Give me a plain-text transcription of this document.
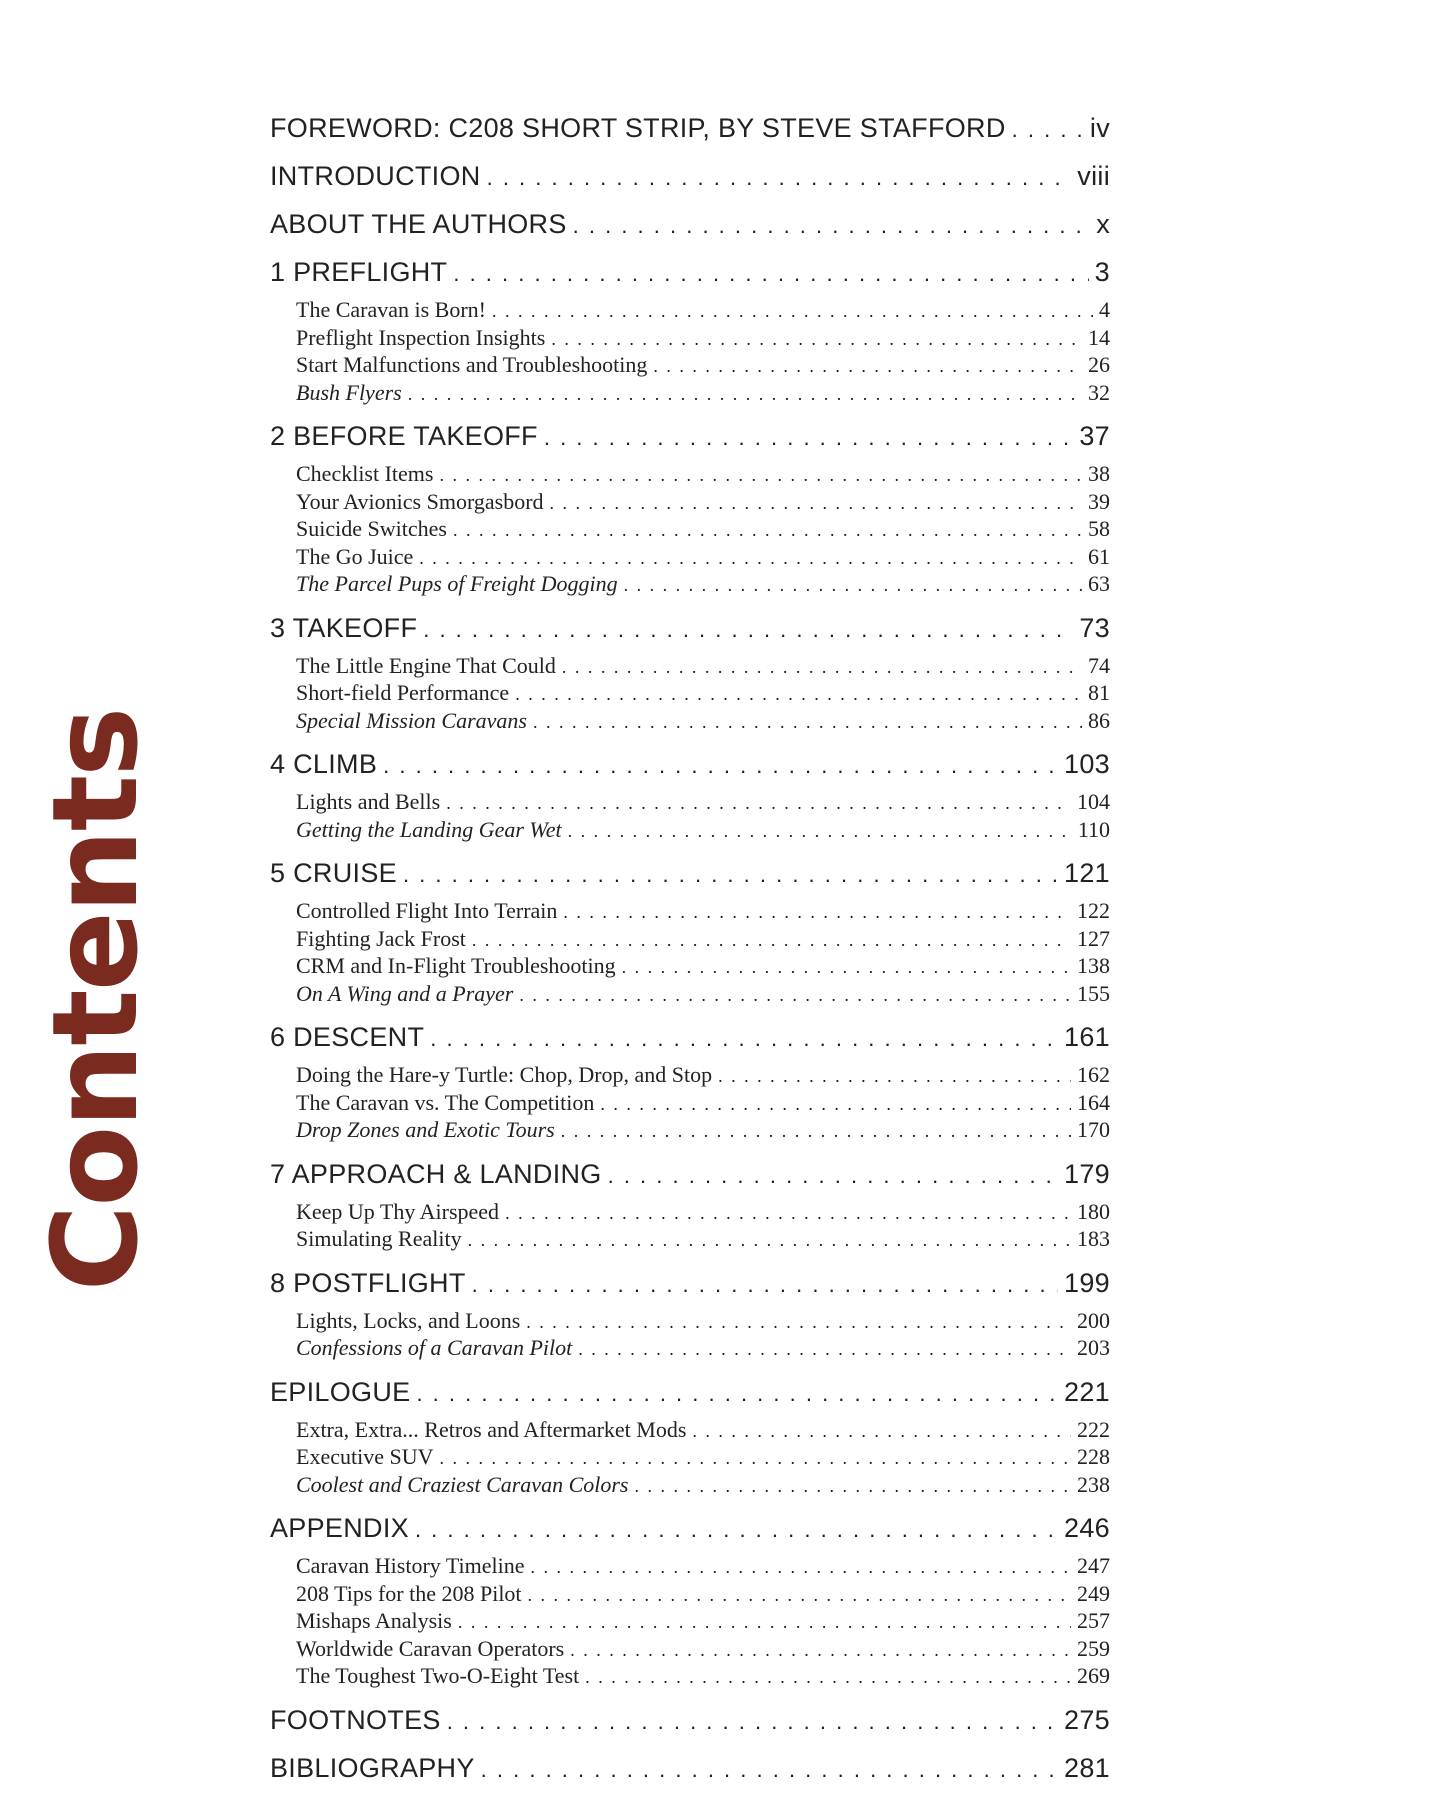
Contents
FOREWORD: C208 SHORT STRIP, BY STEVE STAFFORD . . .	iv
INTRODUCTION . . .	viii
ABOUT THE AUTHORS . . .	x
1 PREFLIGHT . . .	3
The Caravan is Born! . . .	4
Preflight Inspection Insights . . .	14
Start Malfunctions and Troubleshooting . . .	26
Bush Flyers . . .	32
2 BEFORE TAKEOFF . . .	37
Checklist Items . . .	38
Your Avionics Smorgasbord . . .	39
Suicide Switches . . .	58
The Go Juice . . .	61
The Parcel Pups of Freight Dogging . . .	63
3 TAKEOFF . . .	73
The Little Engine That Could . . .	74
Short-field Performance . . .	81
Special Mission Caravans . . .	86
4 CLIMB . . .	103
Lights and Bells . . .	104
Getting the Landing Gear Wet . . .	110
5 CRUISE . . .	121
Controlled Flight Into Terrain . . .	122
Fighting Jack Frost . . .	127
CRM and In-Flight Troubleshooting . . .	138
On A Wing and a Prayer . . .	155
6 DESCENT . . .	161
Doing the Hare-y Turtle: Chop, Drop, and Stop . . .	162
The Caravan vs. The Competition . . .	164
Drop Zones and Exotic Tours . . .	170
7 APPROACH & LANDING . . .	179
Keep Up Thy Airspeed . . .	180
Simulating Reality . . .	183
8 POSTFLIGHT . . .	199
Lights, Locks, and Loons . . .	200
Confessions of a Caravan Pilot . . .	203
EPILOGUE . . .	221
Extra, Extra... Retros and Aftermarket Mods . . .	222
Executive SUV . . .	228
Coolest and Craziest Caravan Colors . . .	238
APPENDIX . . .	246
Caravan History Timeline . . .	247
208 Tips for the 208 Pilot . . .	249
Mishaps Analysis . . .	257
Worldwide Caravan Operators . . .	259
The Toughest Two-O-Eight Test . . .	269
FOOTNOTES . . .	275
BIBLIOGRAPHY . . .	281
